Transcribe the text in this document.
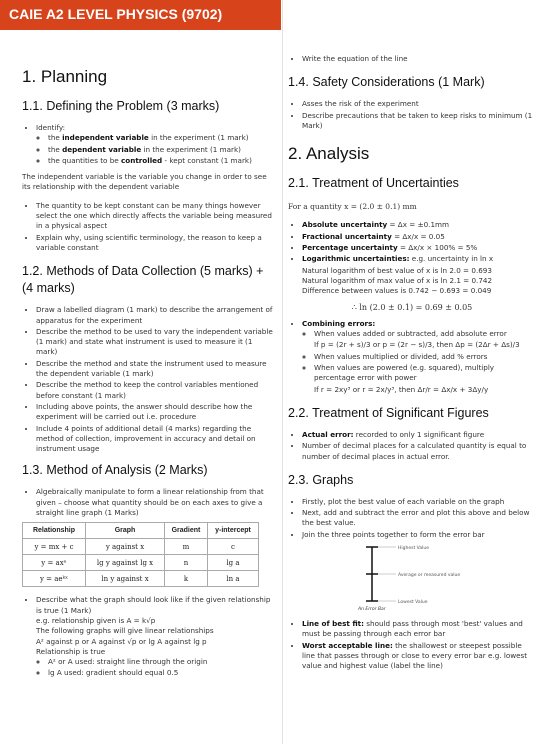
CAIE A2 LEVEL PHYSICS (9702)
1. Planning
1.1. Defining the Problem (3 marks)
• Identify:
◦ the independent variable in the experiment (1 mark)
◦ the dependent variable in the experiment (1 mark)
◦ the quantities to be controlled - kept constant (1 mark)

The independent variable is the variable you change in order to see its relationship with the dependent variable

• The quantity to be kept constant can be many things however select the one which directly affects the variable being measured in a physical aspect
• Explain why, using scientific terminology, the reason to keep a variable constant
1.2. Methods of Data Collection (5 marks) + (4 marks)
• Draw a labelled diagram (1 mark) to describe the arrangement of apparatus for the experiment
• Describe the method to be used to vary the independent variable (1 mark) and state what instrument is used to measure it (1 mark)
• Describe the method and state the instrument used to measure the dependent variable (1 mark)
• Describe the method to keep the control variables mentioned before constant (1 mark)
• Including above points, the answer should describe how the experiment will be carried out i.e. procedure
• Include 4 points of additional detail (4 marks) regarding the method of collection, improvement in accuracy and detail on instrument usage
1.3. Method of Analysis (2 Marks)
• Algebraically manipulate to form a linear relationship from that given – choose what quantity should be on each axes to give a straight line graph (1 Marks)
Relationship	Graph	Gradient	y-intercept
y = mx + c	y against x	m	c
y = axⁿ	lg y against lg x	n	lg a
y = aeᵏˣ	ln y against x	k	ln a
• Describe what the graph should look like if the given relationship is true (1 Mark)
e.g. relationship given is A = k√p
The following graphs will give linear relationships
A² against p or A against √p or lg A against lg p
Relationship is true
◦ A² or A used: straight line through the origin
◦ lg A used: gradient should equal 0.5
• Write the equation of the line
1.4. Safety Considerations (1 Mark)
• Asses the risk of the experiment
• Describe precautions that be taken to keep risks to minimum (1 Mark)
2. Analysis
2.1. Treatment of Uncertainties

For a quantity x = (2.0 ± 0.1) mm

• Absolute uncertainty = Δx = ±0.1mm
• Fractional uncertainty = Δx/x = 0.05
• Percentage uncertainty = Δx/x × 100% = 5%
• Logarithmic uncertainties: e.g. uncertainty in ln x

Natural logarithm of best value of x is ln 2.0 = 0.693

Natural logarithm of max value of x is ln 2.1 = 0.742

Difference between values is 0.742 − 0.693 = 0.049

∴ ln (2.0 ± 0.1) = 0.69 ± 0.05

• Combining errors:
◦ When values added or subtracted, add absolute error
If p = (2r + s)/3 or p = (2r − s)/3, then Δp = (2Δr + Δs)/3
◦ When values multiplied or divided, add % errors
◦ When values are powered (e.g. squared), multiply percentage error with power
If r = 2xy³ or r = 2x/y³, then Δr/r = Δx/x + 3Δy/y
2.2. Treatment of Significant Figures
• Actual error: recorded to only 1 significant figure
• Number of decimal places for a calculated quantity is equal to number of decimal places in actual error.
2.3. Graphs
• Firstly, plot the best value of each variable on the graph
• Next, add and subtract the error and plot this above and below the best value.
• Join the three points together to form the error bar
Highest Value
Average or measured value
Lowest Value
An Error Bar
• Line of best fit: should pass through most 'best' values and must be passing through each error bar
• Worst acceptable line: the shallowest or steepest possible line that passes through or close to every error bar e.g. lowest value and highest value (label the line)
